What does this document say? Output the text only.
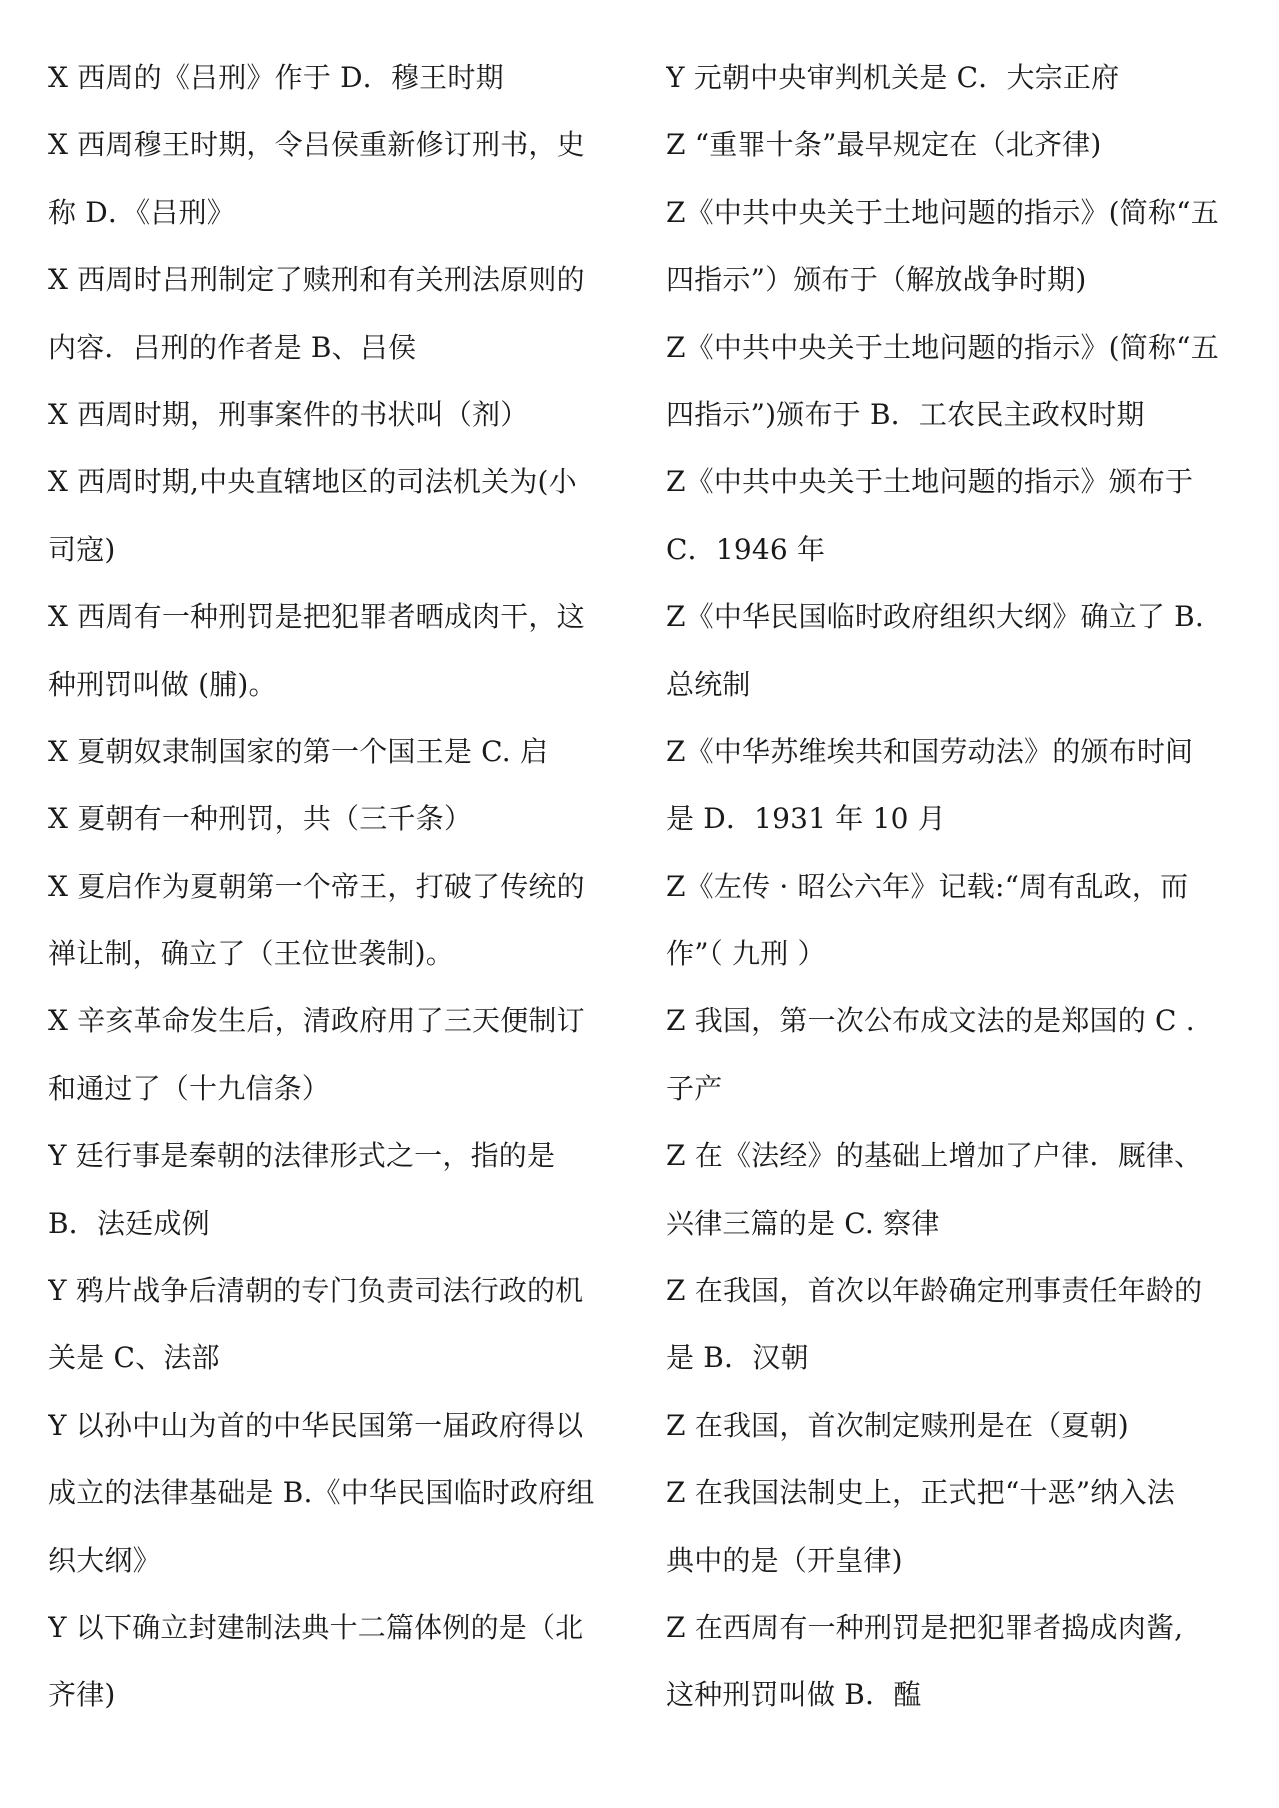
X 西周的《吕刑》作于 D．穆王时期
X 西周穆王时期，令吕侯重新修订刑书，史
称 D．《吕刑》
X 西周时吕刑制定了赎刑和有关刑法原则的
内容．吕刑的作者是 B、吕侯
X 西周时期，刑事案件的书状叫（剂）
X 西周时期,中央直辖地区的司法机关为(小
司寇)
X 西周有一种刑罚是把犯罪者晒成肉干，这
种刑罚叫做 (脯)。
X 夏朝奴隶制国家的第一个国王是 C. 启
X 夏朝有一种刑罚，共（三千条）
X 夏启作为夏朝第一个帝王，打破了传统的
禅让制，确立了（王位世袭制)。
X 辛亥革命发生后，清政府用了三天便制订
和通过了（十九信条）
Y 廷行事是秦朝的法律形式之一，指的是
B．法廷成例
Y 鸦片战争后清朝的专门负责司法行政的机
关是 C、法部
Y 以孙中山为首的中华民国第一届政府得以
成立的法律基础是 B.《中华民国临时政府组
织大纲》
Y 以下确立封建制法典十二篇体例的是（北
齐律)
Y 元朝中央审判机关是 C．大宗正府
Z “重罪十条”最早规定在（北齐律)
Z《中共中央关于土地问题的指示》(简称“五
四指示”）颁布于（解放战争时期)
Z《中共中央关于土地问题的指示》(简称“五
四指示”)颁布于 B．工农民主政权时期
Z《中共中央关于土地问题的指示》颁布于
C．1946 年
Z《中华民国临时政府组织大纲》确立了 B.
总统制
Z《中华苏维埃共和国劳动法》的颁布时间
是 D．1931 年 10 月
Z《左传 · 昭公六年》记载:“周有乱政，而
作”（ 九刑 ）
Z 我国，第一次公布成文法的是郑国的 C .
子产
Z 在《法经》的基础上增加了户律．厩律、
兴律三篇的是 C. 察律
Z 在我国，首次以年龄确定刑事责任年龄的
是 B．汉朝
Z 在我国，首次制定赎刑是在（夏朝)
Z 在我国法制史上，正式把“十恶”纳入法
典中的是（开皇律)
Z 在西周有一种刑罚是把犯罪者捣成肉酱,
这种刑罚叫做 B．醢
